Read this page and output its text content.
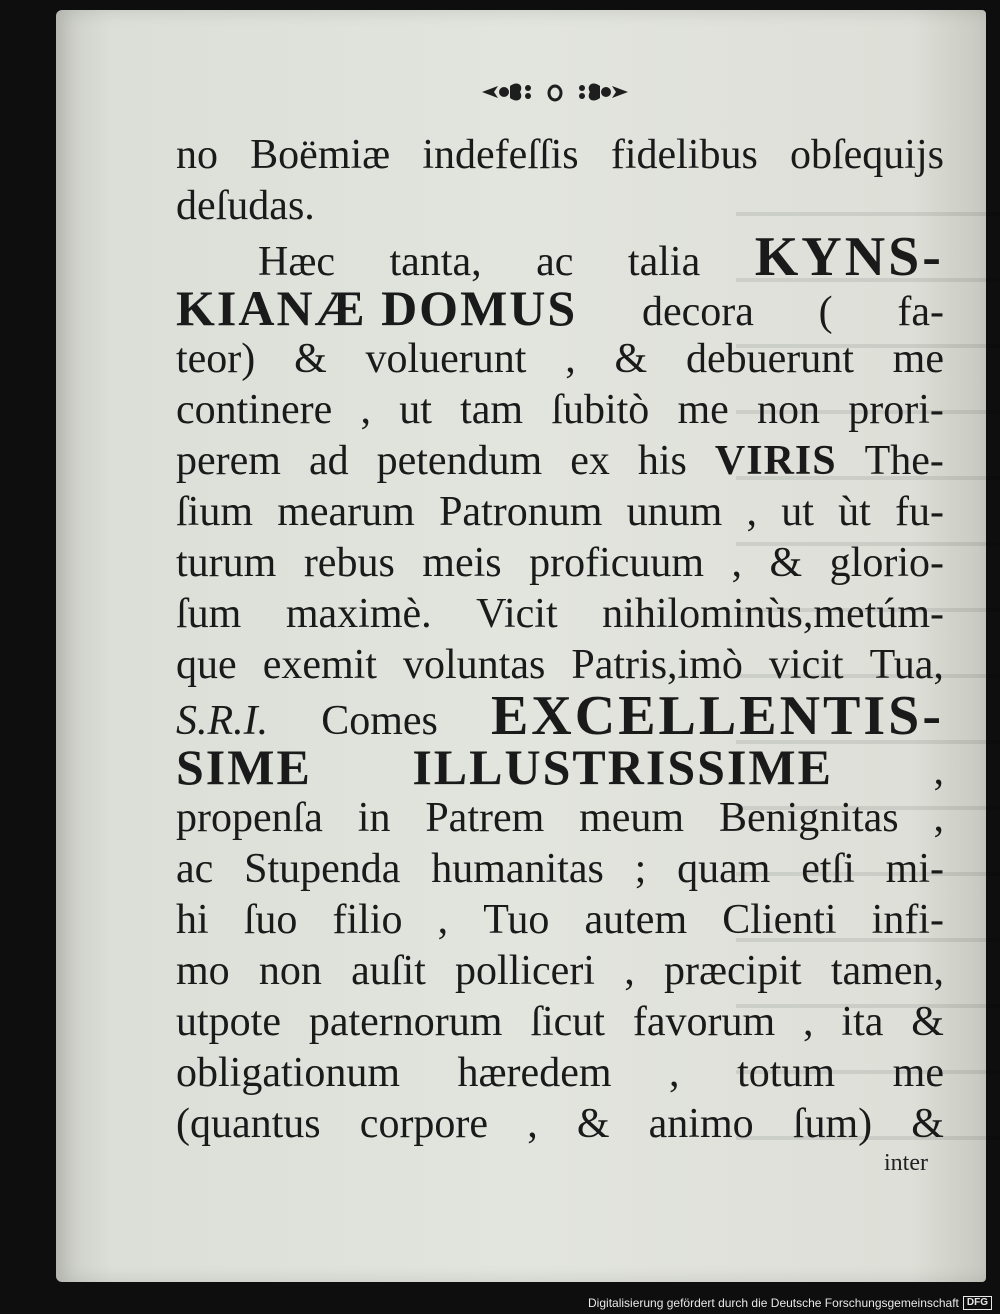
no Boëmiæ indefeſſis fidelibus obſequijs
deſudas.
Hæc tanta, ac talia KYNS-
KIANÆ DOMUS decora ( fa-
teor) & voluerunt , & debuerunt me
continere , ut tam ſubitò me non prori-
perem ad petendum ex his VIRIS The-
ſium mearum Patronum unum , ut ùt fu-
turum rebus meis proficuum , & glorio-
ſum maximè. Vicit nihilominùs,metúm-
que exemit voluntas Patris,imò vicit Tua,
S.R.I. Comes EXCELLENTIS-
SIME ILLUSTRISSIME ,
propenſa in Patrem meum Benignitas ,
ac Stupenda humanitas ; quam etſi mi-
hi ſuo filio , Tuo autem Clienti infi-
mo non auſit polliceri , præcipit tamen,
utpote paternorum ſicut favorum , ita &
obligationum hæredem , totum me
(quantus corpore , & animo ſum) &
inter
Digitalisierung gefördert durch die Deutsche Forschungsgemeinschaft DFG
